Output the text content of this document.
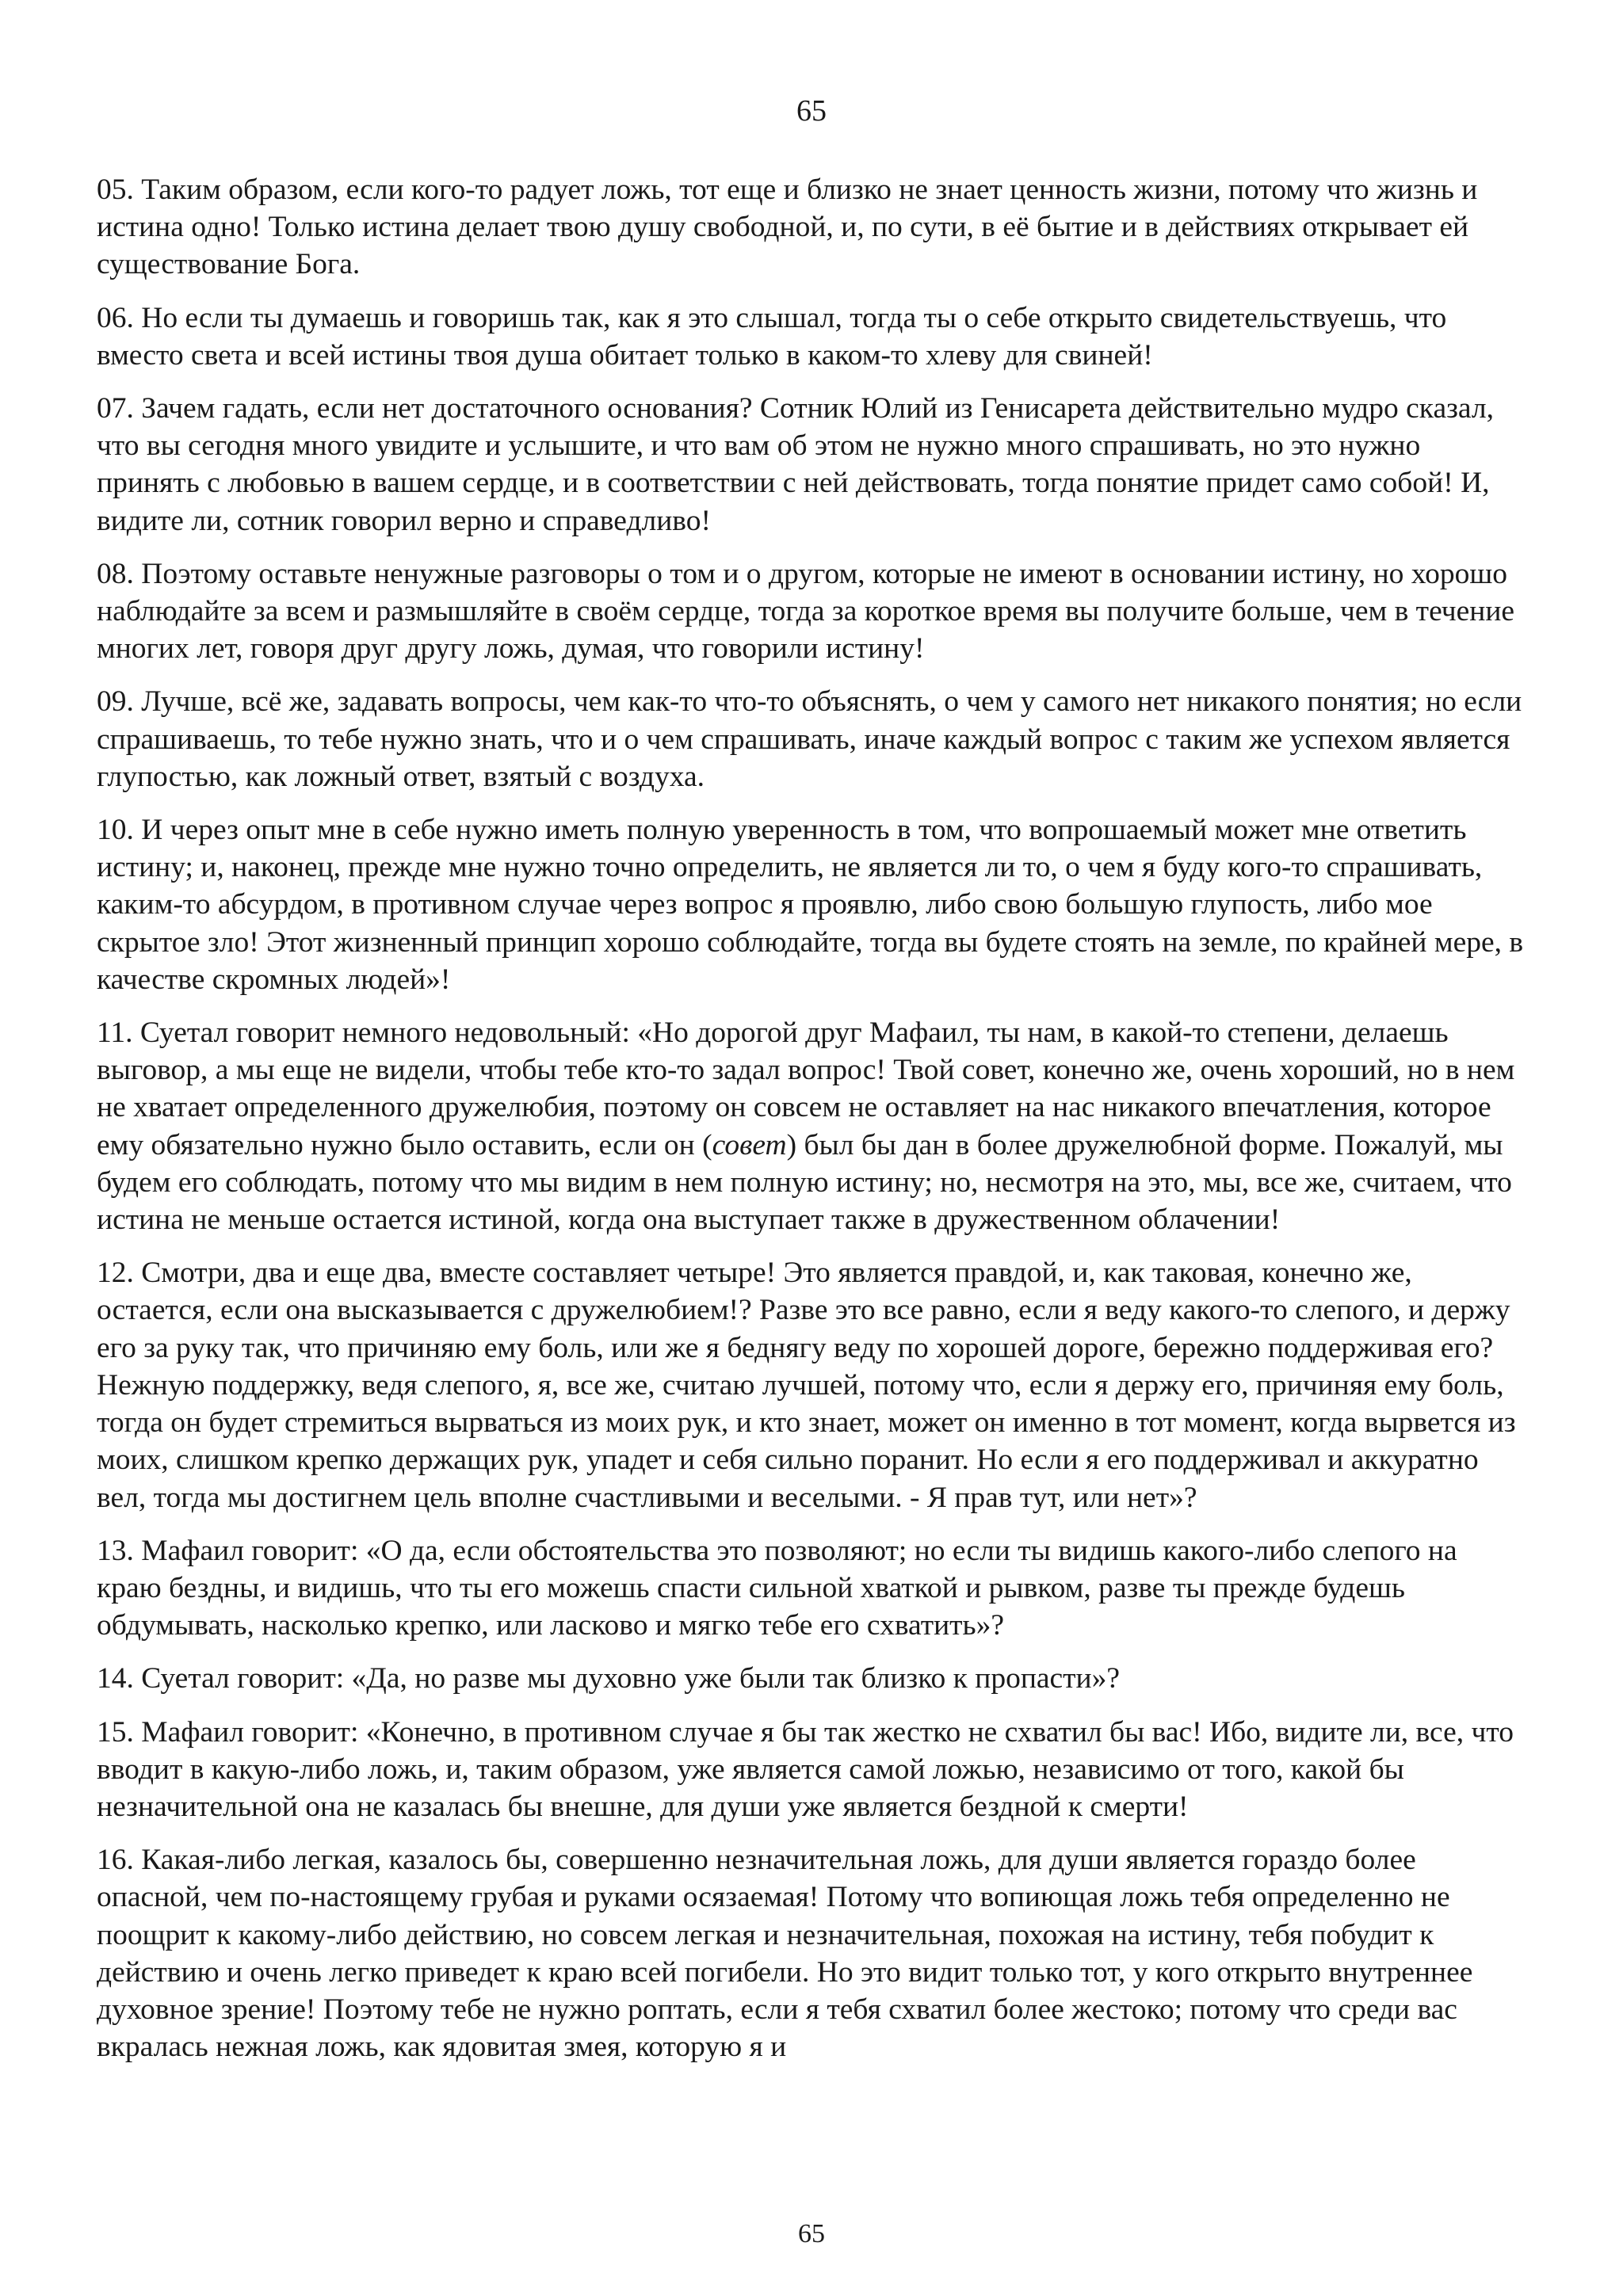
65

05. Таким образом, если кого-то радует ложь, тот еще и близко не знает ценность жизни, потому что жизнь и истина одно! Только истина делает твою душу свободной, и, по сути, в её бытие и в действиях открывает ей существование Бога.

06. Но если ты думаешь и говоришь так, как я это слышал, тогда ты о себе открыто свидетельствуешь, что вместо света и всей истины твоя душа обитает только в каком-то хлеву для свиней!

07. Зачем гадать, если нет достаточного основания? Сотник Юлий из Генисарета действительно мудро сказал, что вы сегодня много увидите и услышите, и что вам об этом не нужно много спрашивать, но это нужно принять с любовью в вашем сердце, и в соответствии с ней действовать, тогда понятие придет само собой! И, видите ли, сотник говорил верно и справедливо!

08. Поэтому оставьте ненужные разговоры о том и о другом, которые не имеют в основании истину, но хорошо наблюдайте за всем и размышляйте в своём сердце, тогда за короткое время вы получите больше, чем в течение многих лет, говоря друг другу ложь, думая, что говорили истину!

09. Лучше, всё же, задавать вопросы, чем как-то что-то объяснять, о чем у самого нет никакого понятия; но если спрашиваешь, то тебе нужно знать, что и о чем спрашивать, иначе каждый вопрос с таким же успехом является глупостью, как ложный ответ, взятый с воздуха.

10. И через опыт мне в себе нужно иметь полную уверенность в том, что вопрошаемый может мне ответить истину; и, наконец, прежде мне нужно точно определить, не является ли то, о чем я буду кого-то спрашивать, каким-то абсурдом, в противном случае через вопрос я проявлю, либо свою большую глупость, либо мое скрытое зло! Этот жизненный принцип хорошо соблюдайте, тогда вы будете стоять на земле, по крайней мере, в качестве скромных людей»!

11. Суетал говорит немного недовольный: «Но дорогой друг Мафаил, ты нам, в какой-то степени, делаешь выговор, а мы еще не видели, чтобы тебе кто-то задал вопрос! Твой совет, конечно же, очень хороший, но в нем не хватает определенного дружелюбия, поэтому он совсем не оставляет на нас никакого впечатления, которое ему обязательно нужно было оставить, если он (совет) был бы дан в более дружелюбной форме. Пожалуй, мы будем его соблюдать, потому что мы видим в нем полную истину; но, несмотря на это, мы, все же, считаем, что истина не меньше остается истиной, когда она выступает также в дружественном облачении!

12. Смотри, два и еще два, вместе составляет четыре! Это является правдой, и, как таковая, конечно же, остается, если она высказывается с дружелюбием!? Разве это все равно, если я веду какого-то слепого, и держу его за руку так, что причиняю ему боль, или же я беднягу веду по хорошей дороге, бережно поддерживая его? Нежную поддержку, ведя слепого, я, все же, считаю лучшей, потому что, если я держу его, причиняя ему боль, тогда он будет стремиться вырваться из моих рук, и кто знает, может он именно в тот момент, когда вырвется из моих, слишком крепко держащих рук, упадет и себя сильно поранит. Но если я его поддерживал и аккуратно вел, тогда мы достигнем цель вполне счастливыми и веселыми. - Я прав тут, или нет»?

13. Мафаил говорит: «О да, если обстоятельства это позволяют; но если ты видишь какого-либо слепого на краю бездны, и видишь, что ты его можешь спасти сильной хваткой и рывком, разве ты прежде будешь обдумывать, насколько крепко, или ласково и мягко тебе его схватить»?

14. Суетал говорит: «Да, но разве мы духовно уже были так близко к пропасти»?

15. Мафаил говорит: «Конечно, в противном случае я бы так жестко не схватил бы вас! Ибо, видите ли, все, что вводит в какую-либо ложь, и, таким образом, уже является самой ложью, независимо от того, какой бы незначительной она не казалась бы внешне, для души уже является бездной к смерти!

16. Какая-либо легкая, казалось бы, совершенно незначительная ложь, для души является гораздо более опасной, чем по-настоящему грубая и руками осязаемая! Потому что вопиющая ложь тебя определенно не поощрит к какому-либо действию, но совсем легкая и незначительная, похожая на истину, тебя побудит к действию и очень легко приведет к краю всей погибели. Но это видит только тот, у кого открыто внутреннее духовное зрение! Поэтому тебе не нужно роптать, если я тебя схватил более жестоко; потому что среди вас вкралась нежная ложь, как ядовитая змея, которую я и

65
